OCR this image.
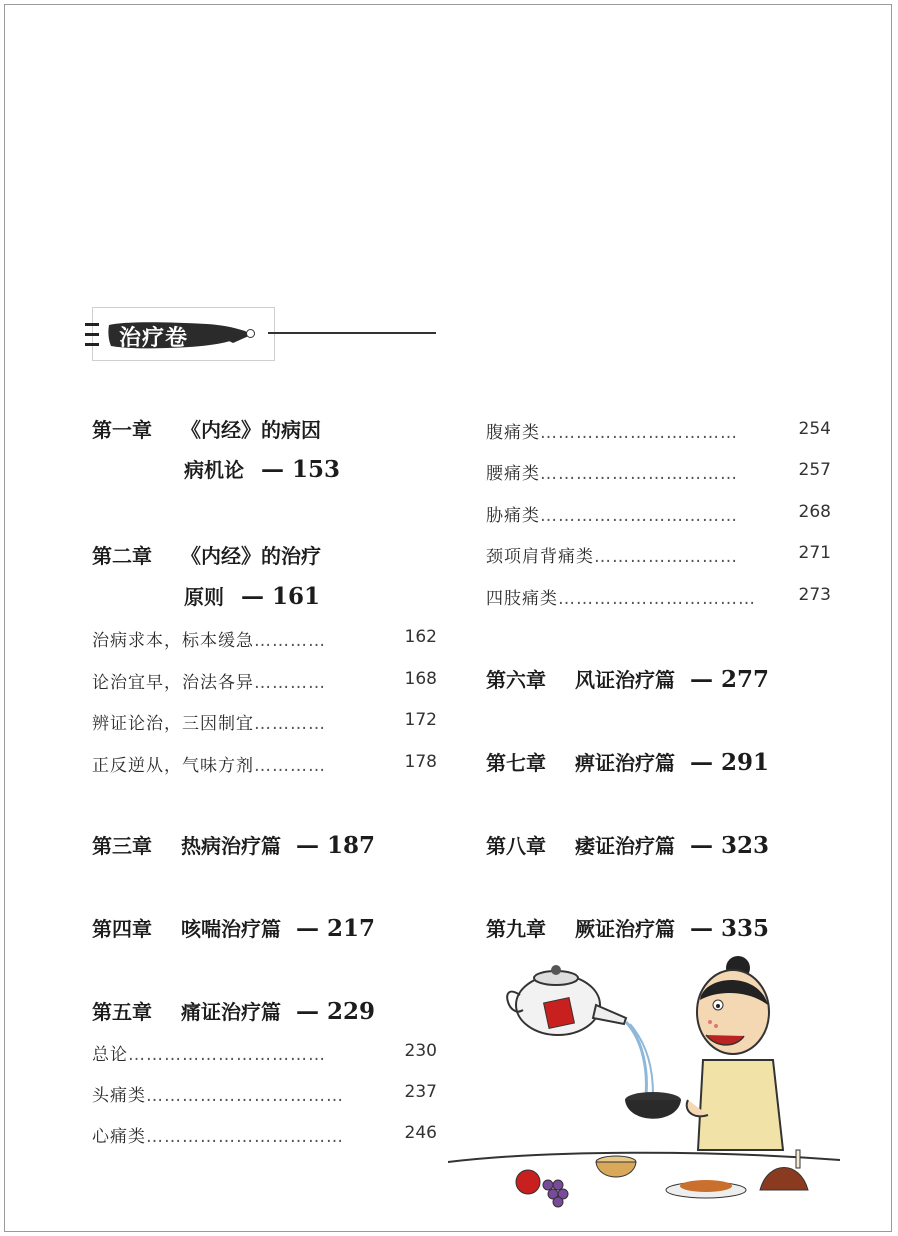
治疗卷
第一章 《内经》的病因
病机论 — 153
第二章 《内经》的治疗
原则 — 161
治病求本，标本缓急…………	162
论治宜早，治法各异…………	168
辨证论治，三因制宜…………	172
正反逆从，气味方剂…………	178
第三章 热病治疗篇 — 187
第四章 咳喘治疗篇 — 217
第五章 痛证治疗篇 — 229
总论……………………………	230
头痛类……………………………	237
心痛类……………………………	246
腹痛类……………………………	254
腰痛类……………………………	257
胁痛类……………………………	268
颈项肩背痛类……………………	271
四肢痛类……………………………	273
第六章 风证治疗篇 — 277
第七章 痹证治疗篇 — 291
第八章 痿证治疗篇 — 323
第九章 厥证治疗篇 — 335
